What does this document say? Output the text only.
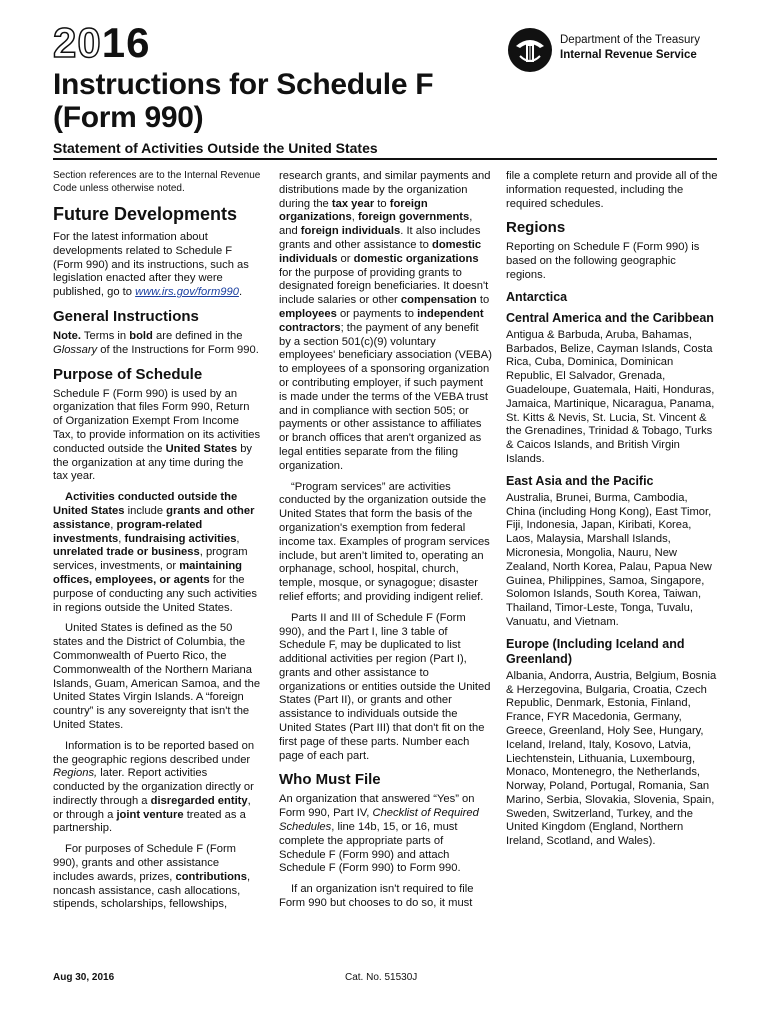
2016	Department of the Treasury
Internal Revenue Service
Instructions for Schedule F
(Form 990)
Statement of Activities Outside the United States

Section references are to the Internal Revenue Code unless otherwise noted.

Future Developments

For the latest information about developments related to Schedule F (Form 990) and its instructions, such as legislation enacted after they were published, go to www.irs.gov/form990.

General Instructions

Note. Terms in bold are defined in the Glossary of the Instructions for Form 990.

Purpose of Schedule

Schedule F (Form 990) is used by an organization that files Form 990, Return of Organization Exempt From Income Tax, to provide information on its activities conducted outside the United States by the organization at any time during the tax year.

Activities conducted outside the United States include grants and other assistance, program-related investments, fundraising activities, unrelated trade or business, program services, investments, or maintaining offices, employees, or agents for the purpose of conducting any such activities in regions outside the United States.

United States is defined as the 50 states and the District of Columbia, the Commonwealth of Puerto Rico, the Commonwealth of the Northern Mariana Islands, Guam, American Samoa, and the United States Virgin Islands. A “foreign country” is any sovereignty that isn't the United States.

Information is to be reported based on the geographic regions described under Regions, later. Report activities conducted by the organization directly or indirectly through a disregarded entity, or through a joint venture treated as a partnership.

For purposes of Schedule F (Form 990), grants and other assistance includes awards, prizes, contributions, noncash assistance, cash allocations, stipends, scholarships, fellowships,

research grants, and similar payments and distributions made by the organization during the tax year to foreign organizations, foreign governments, and foreign individuals. It also includes grants and other assistance to domestic individuals or domestic organizations for the purpose of providing grants to designated foreign beneficiaries. It doesn't include salaries or other compensation to employees or payments to independent contractors; the payment of any benefit by a section 501(c)(9) voluntary employees' beneficiary association (VEBA) to employees of a sponsoring organization or contributing employer, if such payment is made under the terms of the VEBA trust and in compliance with section 505; or payments or other assistance to affiliates or branch offices that aren't organized as legal entities separate from the filing organization.

“Program services” are activities conducted by the organization outside the United States that form the basis of the organization's exemption from federal income tax. Examples of program services include, but aren’t limited to, operating an orphanage, school, hospital, church, temple, mosque, or synagogue; disaster relief efforts; and providing indigent relief.

Parts II and III of Schedule F (Form 990), and the Part I, line 3 table of Schedule F, may be duplicated to list additional activities per region (Part I), grants and other assistance to organizations or entities outside the United States (Part II), or grants and other assistance to individuals outside the United States (Part III) that don't fit on the first page of these parts. Number each page of each part.

Who Must File

An organization that answered “Yes” on Form 990, Part IV, Checklist of Required Schedules, line 14b, 15, or 16, must complete the appropriate parts of Schedule F (Form 990) and attach Schedule F (Form 990) to Form 990.

If an organization isn't required to file Form 990 but chooses to do so, it must

file a complete return and provide all of the information requested, including the required schedules.

Regions

Reporting on Schedule F (Form 990) is based on the following geographic regions.

Antarctica
Central America and the Caribbean

Antigua & Barbuda, Aruba, Bahamas, Barbados, Belize, Cayman Islands, Costa Rica, Cuba, Dominica, Dominican Republic, El Salvador, Grenada, Guadeloupe, Guatemala, Haiti, Honduras, Jamaica, Martinique, Nicaragua, Panama, St. Kitts & Nevis, St. Lucia, St. Vincent & the Grenadines, Trinidad & Tobago, Turks & Caicos Islands, and British Virgin Islands.

East Asia and the Pacific

Australia, Brunei, Burma, Cambodia, China (including Hong Kong), East Timor, Fiji, Indonesia, Japan, Kiribati, Korea, Laos, Malaysia, Marshall Islands, Micronesia, Mongolia, Nauru, New Zealand, North Korea, Palau, Papua New Guinea, Philippines, Samoa, Singapore, Solomon Islands, South Korea, Taiwan, Thailand, Timor-Leste, Tonga, Tuvalu, Vanuatu, and Vietnam.

Europe (Including Iceland and Greenland)

Albania, Andorra, Austria, Belgium, Bosnia & Herzegovina, Bulgaria, Croatia, Czech Republic, Denmark, Estonia, Finland, France, FYR Macedonia, Germany, Greece, Greenland, Holy See, Hungary, Iceland, Ireland, Italy, Kosovo, Latvia, Liechtenstein, Lithuania, Luxembourg, Monaco, Montenegro, the Netherlands, Norway, Poland, Portugal, Romania, San Marino, Serbia, Slovakia, Slovenia, Spain, Sweden, Switzerland, Turkey, and the United Kingdom (England, Northern Ireland, Scotland, and Wales).

Aug 30, 2016	Cat. No. 51530J
